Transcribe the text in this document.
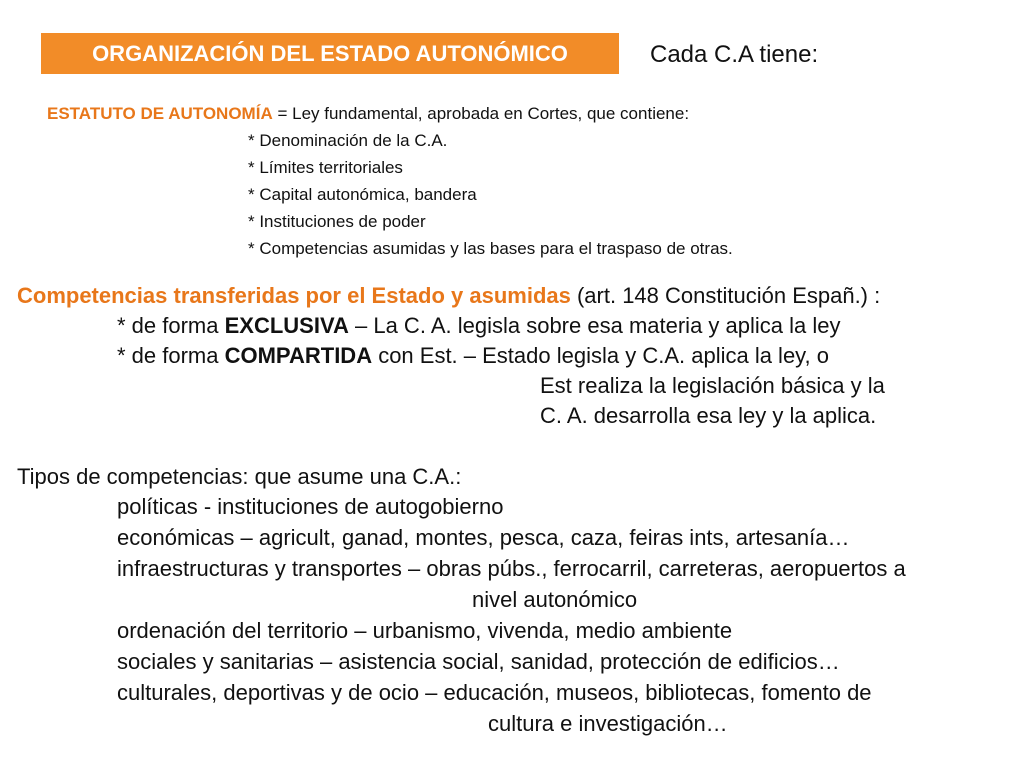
ORGANIZACIÓN DEL ESTADO AUTONÓMICO	Cada C.A tiene:
ESTATUTO DE AUTONOMÍA = Ley fundamental, aprobada en Cortes, que contiene:
* Denominación de la C.A.
* Límites territoriales
* Capital autonómica, bandera
* Instituciones de poder
* Competencias asumidas y las bases para el traspaso de otras.
Competencias transferidas por el Estado y asumidas (art. 148 Constitución Españ.) :
* de forma EXCLUSIVA – La C. A. legisla sobre esa materia y aplica la ley
* de forma COMPARTIDA con Est. – Estado legisla y C.A. aplica la ley, o
Est realiza la legislación básica y la
C. A. desarrolla esa ley y la aplica.
Tipos de competencias: que asume una C.A.:
políticas - instituciones de autogobierno
económicas – agricult, ganad, montes, pesca, caza, feiras ints, artesanía…
infraestructuras y transportes – obras púbs., ferrocarril, carreteras, aeropuertos a
nivel autonómico
ordenación del territorio – urbanismo, vivenda, medio ambiente
sociales y sanitarias – asistencia social, sanidad, protección de edificios…
culturales, deportivas y de ocio – educación, museos, bibliotecas, fomento de
cultura e investigación…
